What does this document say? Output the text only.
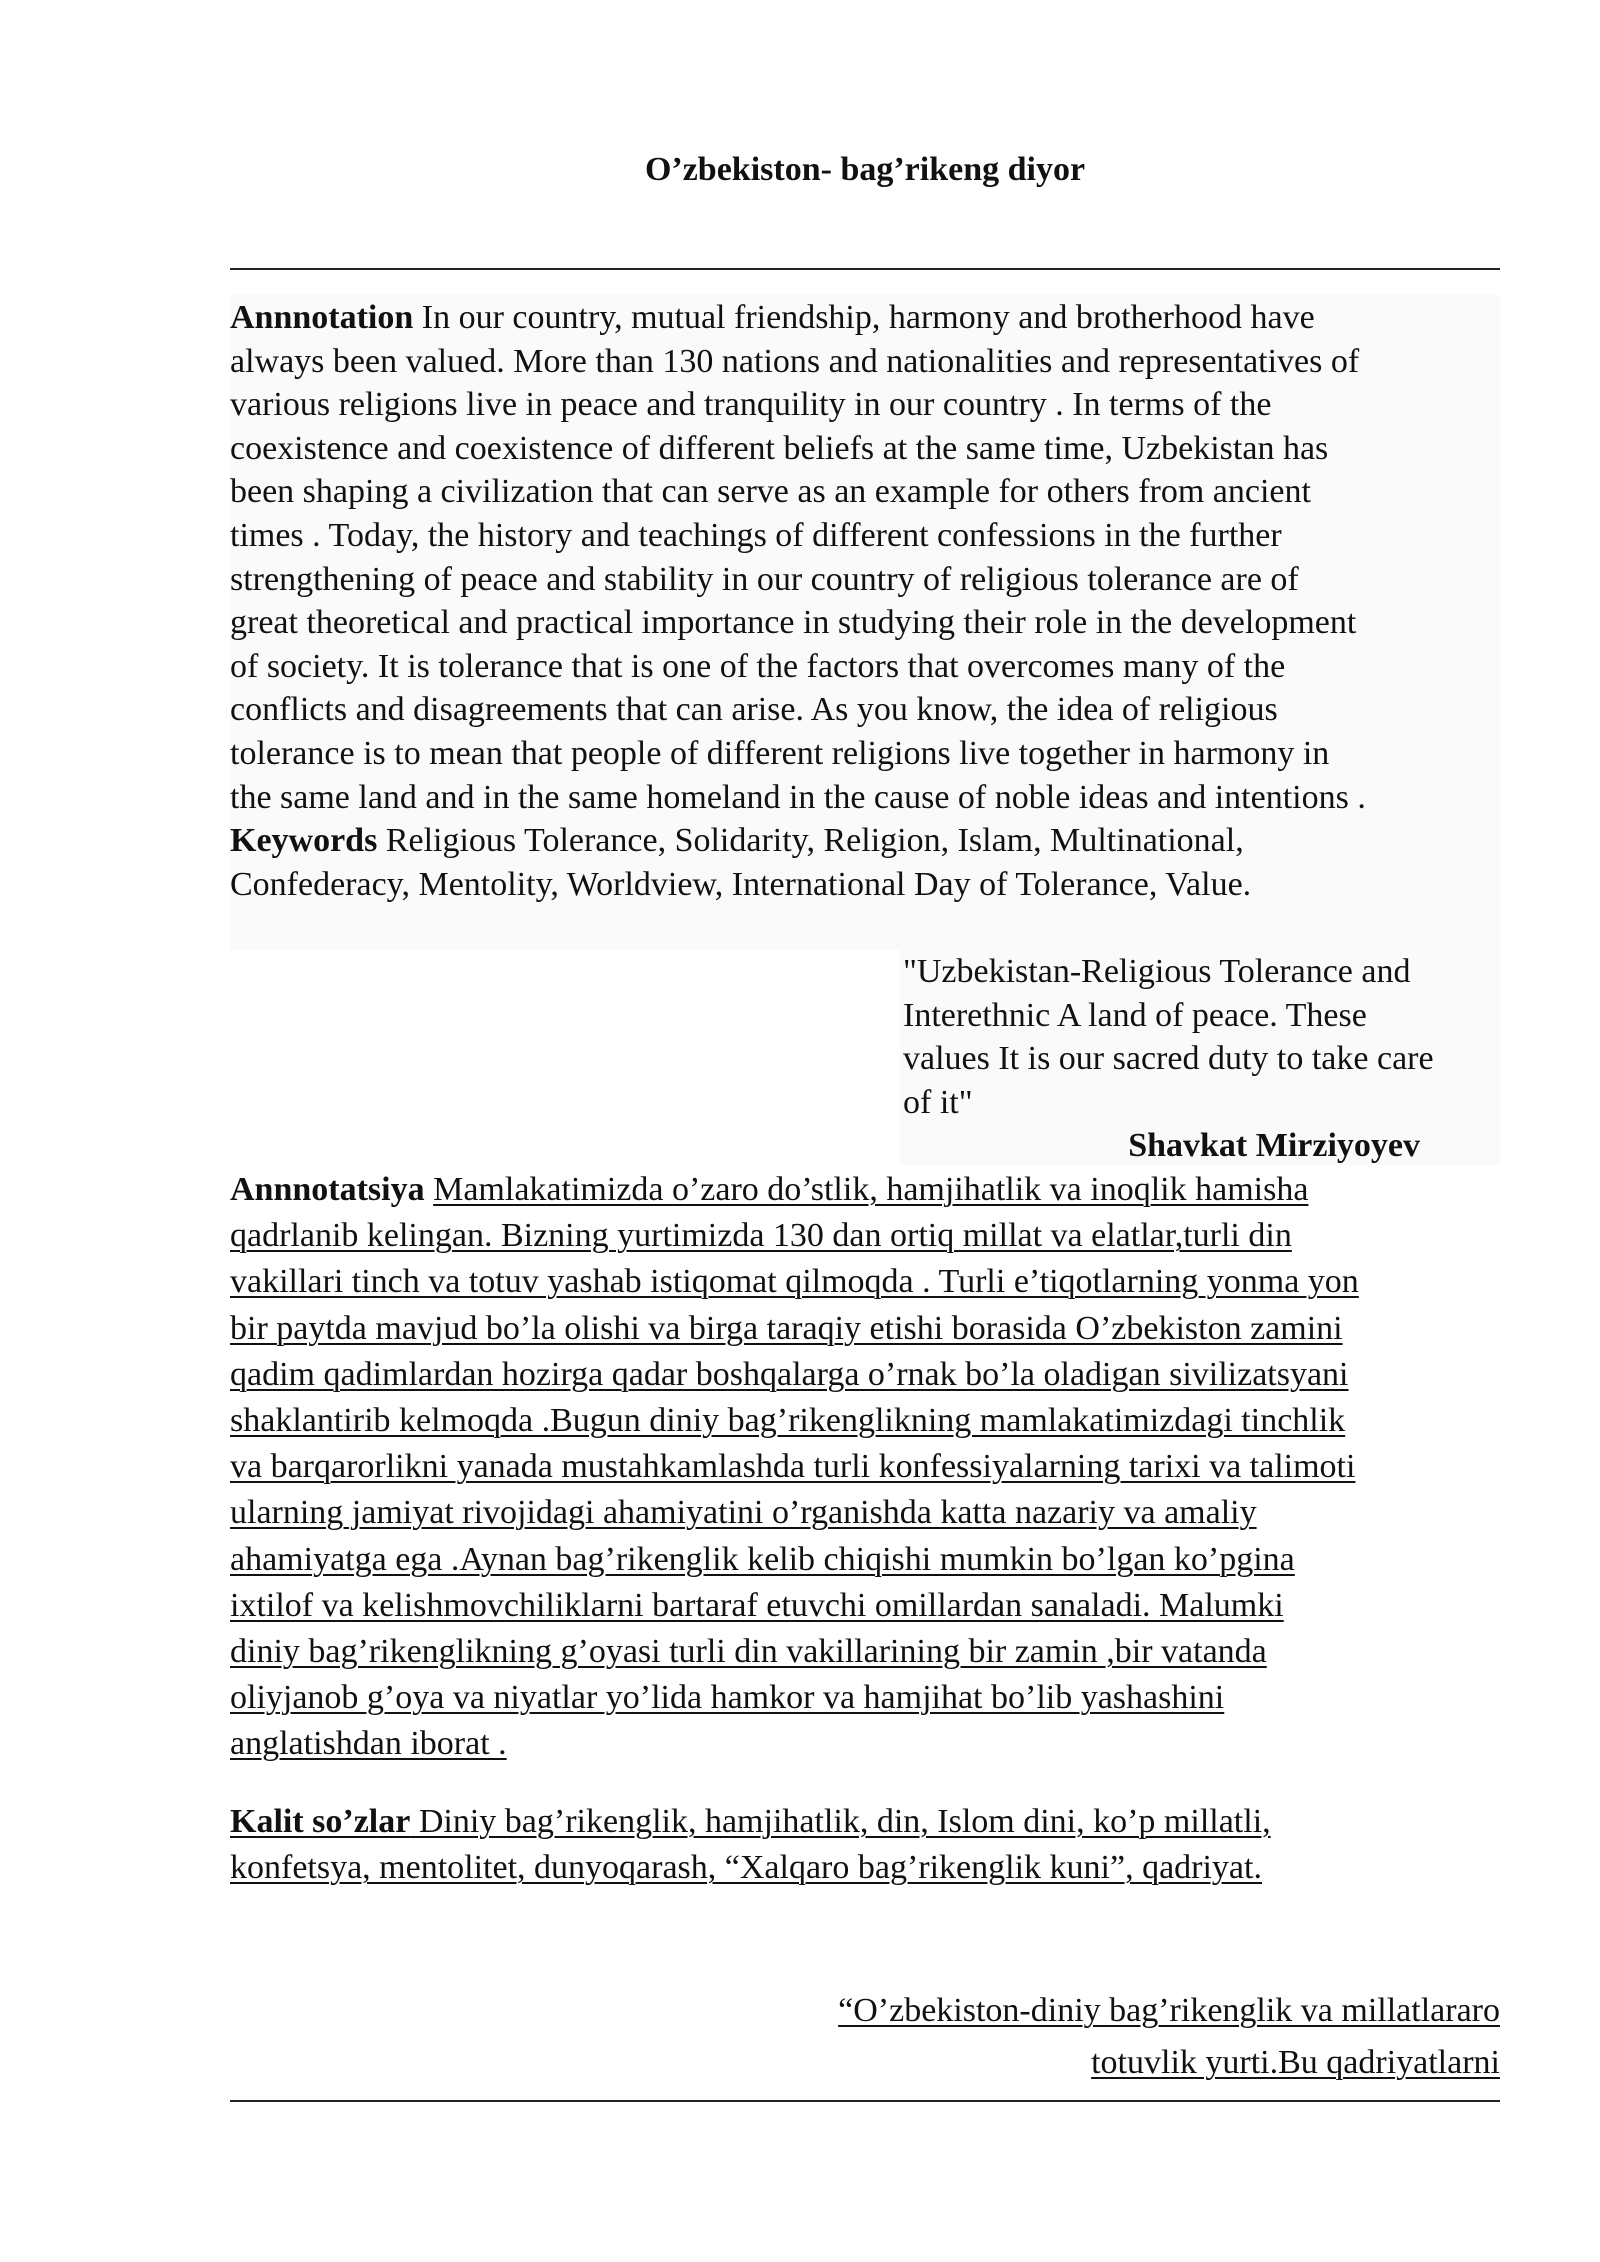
O’zbekiston- bag’rikeng diyor
Annnotation In our country, mutual friendship, harmony and brotherhood have
always been valued. More than 130 nations and nationalities and representatives of
various religions live in peace and tranquility in our country . In terms of the
coexistence and coexistence of different beliefs at the same time, Uzbekistan has
been shaping a civilization that can serve as an example for others from ancient
times . Today, the history and teachings of different confessions in the further
strengthening of peace and stability in our country of religious tolerance are of
great theoretical and practical importance in studying their role in the development
of society. It is tolerance that is one of the factors that overcomes many of the
conflicts and disagreements that can arise. As you know, the idea of religious
tolerance is to mean that people of different religions live together in harmony in
the same land and in the same homeland in the cause of noble ideas and intentions .
Keywords Religious Tolerance, Solidarity, Religion, Islam, Multinational,
Confederacy, Mentolity, Worldview, International Day of Tolerance, Value.
"Uzbekistan-Religious Tolerance and
Interethnic A land of peace. These
values It is our sacred duty to take care
of it"
Shavkat Mirziyoyev
Annnotatsiya Mamlakatimizda o’zaro do’stlik, hamjihatlik va inoqlik hamisha
qadrlanib kelingan. Bizning yurtimizda 130 dan ortiq millat va elatlar,turli din
vakillari tinch va totuv yashab istiqomat qilmoqda . Turli e’tiqotlarning yonma yon
bir paytda mavjud bo’la olishi va birga taraqiy etishi borasida O’zbekiston zamini
qadim qadimlardan hozirga qadar boshqalarga o’rnak bo’la oladigan sivilizatsyani
shaklantirib kelmoqda .Bugun diniy bag’rikenglikning mamlakatimizdagi tinchlik
va barqarorlikni yanada mustahkamlashda turli konfessiyalarning tarixi va talimoti
ularning jamiyat rivojidagi ahamiyatini o’rganishda katta nazariy va amaliy
ahamiyatga ega .Aynan bag’rikenglik kelib chiqishi mumkin bo’lgan ko’pgina
ixtilof va kelishmovchiliklarni bartaraf etuvchi omillardan sanaladi. Malumki
diniy bag’rikenglikning g’oyasi turli din vakillarining bir zamin ,bir vatanda
oliyjanob g’oya va niyatlar yo’lida hamkor va hamjihat bo’lib yashashini
anglatishdan iborat .
Kalit so’zlar Diniy bag’rikenglik, hamjihatlik, din, Islom dini, ko’p millatli,
konfetsya, mentolitet, dunyoqarash, “Xalqaro bag’rikenglik kuni”, qadriyat.
“O’zbekiston-diniy bag’rikenglik va millatlararo
totuvlik yurti.Bu qadriyatlarni
